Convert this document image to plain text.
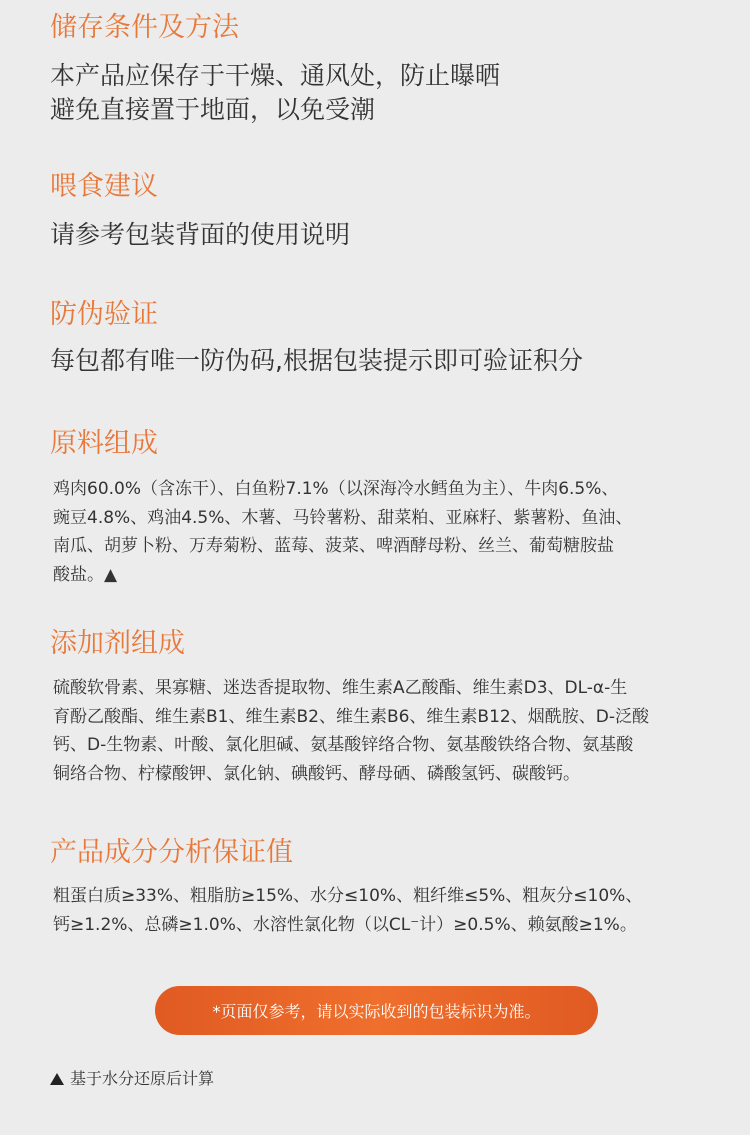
储存条件及方法
本产品应保存于干燥、通风处，防止曝晒
避免直接置于地面，以免受潮
喂食建议

请参考包装背面的使用说明

防伪验证

每包都有唯一防伪码,根据包装提示即可验证积分

原料组成
鸡肉60.0%（含冻干）、白鱼粉7.1%（以深海冷水鳕鱼为主）、牛肉6.5%、
豌豆4.8%、鸡油4.5%、木薯、马铃薯粉、甜菜粕、亚麻籽、紫薯粉、鱼油、
南瓜、胡萝卜粉、万寿菊粉、蓝莓、菠菜、啤酒酵母粉、丝兰、葡萄糖胺盐
酸盐。▲
添加剂组成
硫酸软骨素、果寡糖、迷迭香提取物、维生素A乙酸酯、维生素D3、DL-α-生
育酚乙酸酯、维生素B1、维生素B2、维生素B6、维生素B12、烟酰胺、D-泛酸
钙、D-生物素、叶酸、氯化胆碱、氨基酸锌络合物、氨基酸铁络合物、氨基酸
铜络合物、柠檬酸钾、氯化钠、碘酸钙、酵母硒、磷酸氢钙、碳酸钙。
产品成分分析保证值
粗蛋白质≥33%、粗脂肪≥15%、水分≤10%、粗纤维≤5%、粗灰分≤10%、
钙≥1.2%、总磷≥1.0%、水溶性氯化物（以CL⁻计）≥0.5%、赖氨酸≥1%。
*页面仅参考，请以实际收到的包装标识为准。
基于水分还原后计算
